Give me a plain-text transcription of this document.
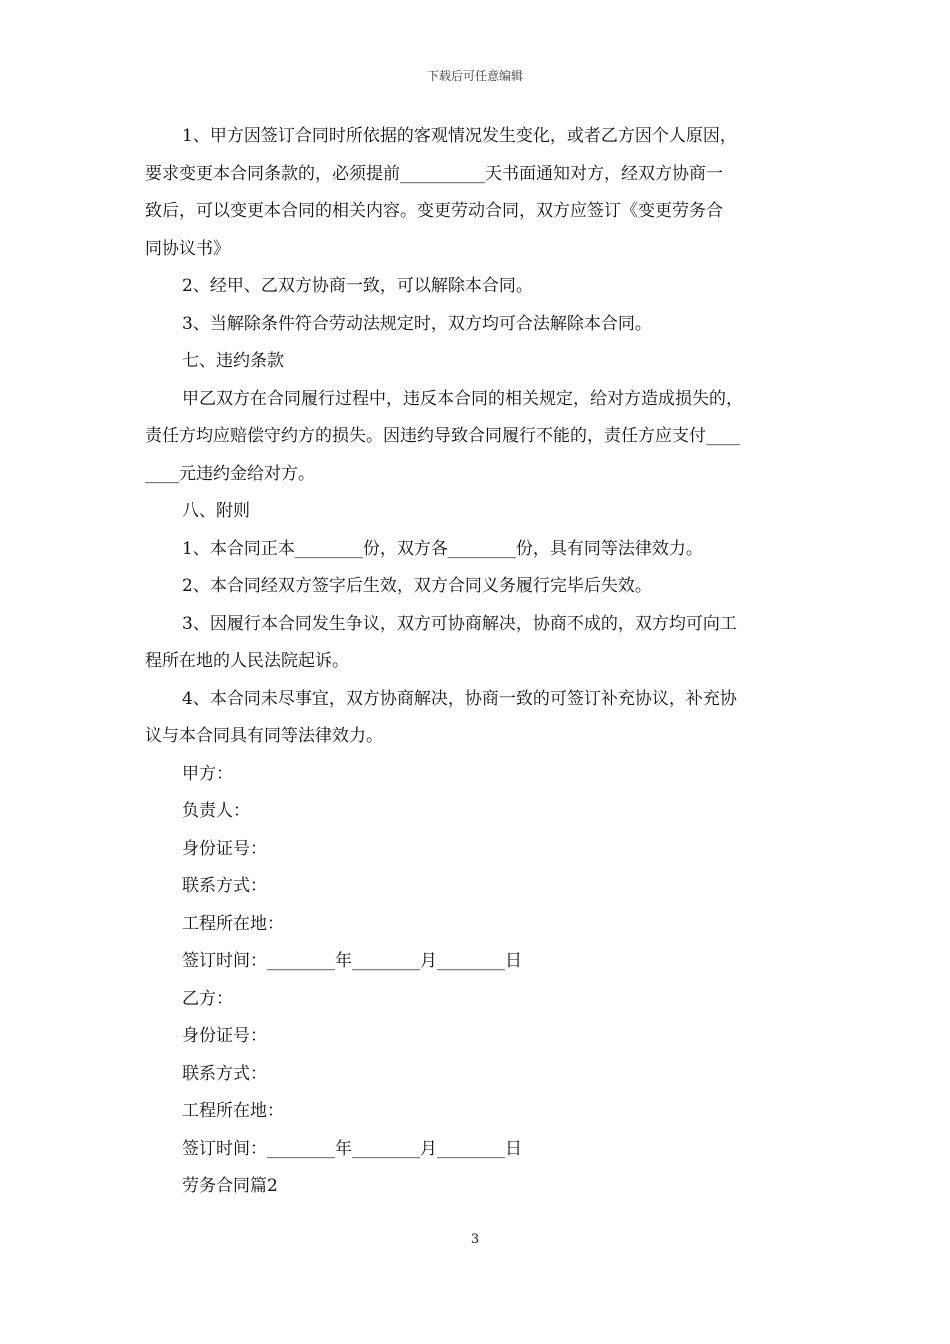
下载后可任意编辑
1、甲方因签订合同时所依据的客观情况发生变化，或者乙方因个人原因，
要求变更本合同条款的，必须提前__________天书面通知对方，经双方协商一
致后，可以变更本合同的相关内容。变更劳动合同，双方应签订《变更劳务合
同协议书》
2、经甲、乙双方协商一致，可以解除本合同。
3、当解除条件符合劳动法规定时，双方均可合法解除本合同。
七、违约条款
甲乙双方在合同履行过程中，违反本合同的相关规定，给对方造成损失的，
责任方均应赔偿守约方的损失。因违约导致合同履行不能的，责任方应支付____
____元违约金给对方。
八、附则
1、本合同正本________份，双方各________份，具有同等法律效力。
2、本合同经双方签字后生效，双方合同义务履行完毕后失效。
3、因履行本合同发生争议，双方可协商解决，协商不成的，双方均可向工
程所在地的人民法院起诉。
4、本合同未尽事宜，双方协商解决，协商一致的可签订补充协议，补充协
议与本合同具有同等法律效力。
甲方：
负责人：
身份证号：
联系方式：
工程所在地：
签订时间：________年________月________日
乙方：
身份证号：
联系方式：
工程所在地：
签订时间：________年________月________日
劳务合同篇2
3
